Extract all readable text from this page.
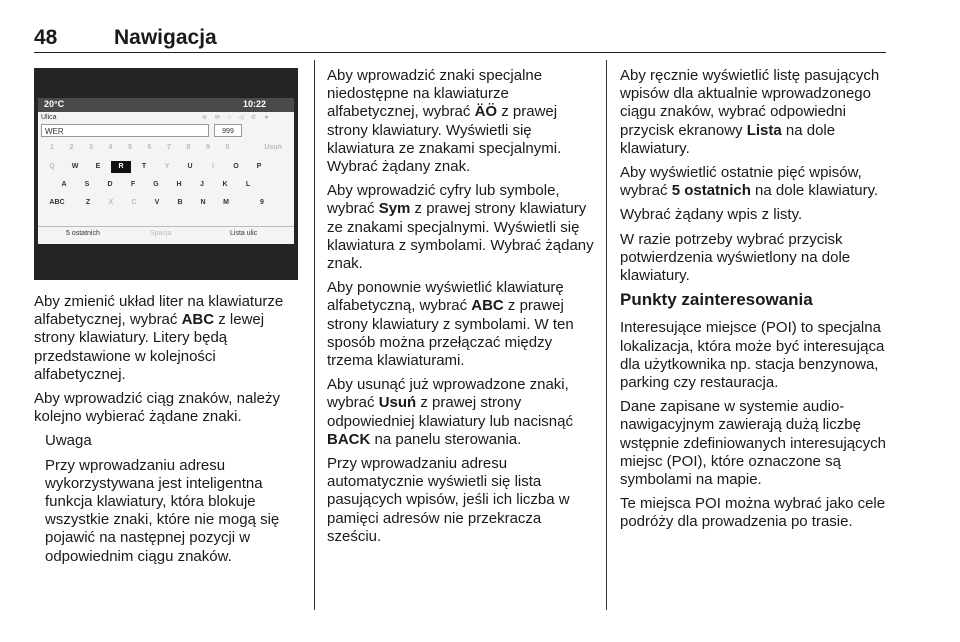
48	Nawigacja
20°C	10:22
Ulica	≋ ✉ ∴ ◁ ✆ ∗
WER	999
1	2	3	4	5	6	7	8	9	0	Usuń
Q	W	E	R	T	Y	U	I	O	P
A	S	D	F	G	H	J	K	L
ABC	Z	X	C	V	B	N	M	9
5 ostatnich	Spacja	Lista ulic

Aby zmienić układ liter na klawiaturze alfabetycznej, wybrać ABC z lewej strony klawiatury. Litery będą przedstawione w kolejności alfabetycznej.

Aby wprowadzić ciąg znaków, należy kolejno wybierać żądane znaki.

Uwaga

Przy wprowadzaniu adresu wykorzystywana jest inteligentna funkcja klawiatury, która blokuje wszystkie znaki, które nie mogą się pojawić na następnej pozycji w odpowiednim ciągu znaków.

Aby wprowadzić znaki specjalne niedostępne na klawiaturze alfabetycznej, wybrać ÄÖ z prawej strony klawiatury. Wyświetli się klawiatura ze znakami specjalnymi. Wybrać żądany znak.

Aby wprowadzić cyfry lub symbole, wybrać Sym z prawej strony klawiatury ze znakami specjalnymi. Wyświetli się klawiatura z symbolami. Wybrać żądany znak.

Aby ponownie wyświetlić klawiaturę alfabetyczną, wybrać ABC z prawej strony klawiatury z symbolami. W ten sposób można przełączać między trzema klawiaturami.

Aby usunąć już wprowadzone znaki, wybrać Usuń z prawej strony odpowiedniej klawiatury lub nacisnąć BACK na panelu sterowania.

Przy wprowadzaniu adresu automatycznie wyświetli się lista pasujących wpisów, jeśli ich liczba w pamięci adresów nie przekracza sześciu.

Aby ręcznie wyświetlić listę pasujących wpisów dla aktualnie wprowadzonego ciągu znaków, wybrać odpowiedni przycisk ekranowy Lista na dole klawiatury.

Aby wyświetlić ostatnie pięć wpisów, wybrać 5 ostatnich na dole klawiatury.

Wybrać żądany wpis z listy.

W razie potrzeby wybrać przycisk potwierdzenia wyświetlony na dole klawiatury.

Punkty zainteresowania

Interesujące miejsce (POI) to specjalna lokalizacja, która może być interesująca dla użytkownika np. stacja benzynowa, parking czy restauracja.

Dane zapisane w systemie audio-nawigacyjnym zawierają dużą liczbę wstępnie zdefiniowanych interesujących miejsc (POI), które oznaczone są symbolami na mapie.

Te miejsca POI można wybrać jako cele podróży dla prowadzenia po trasie.
